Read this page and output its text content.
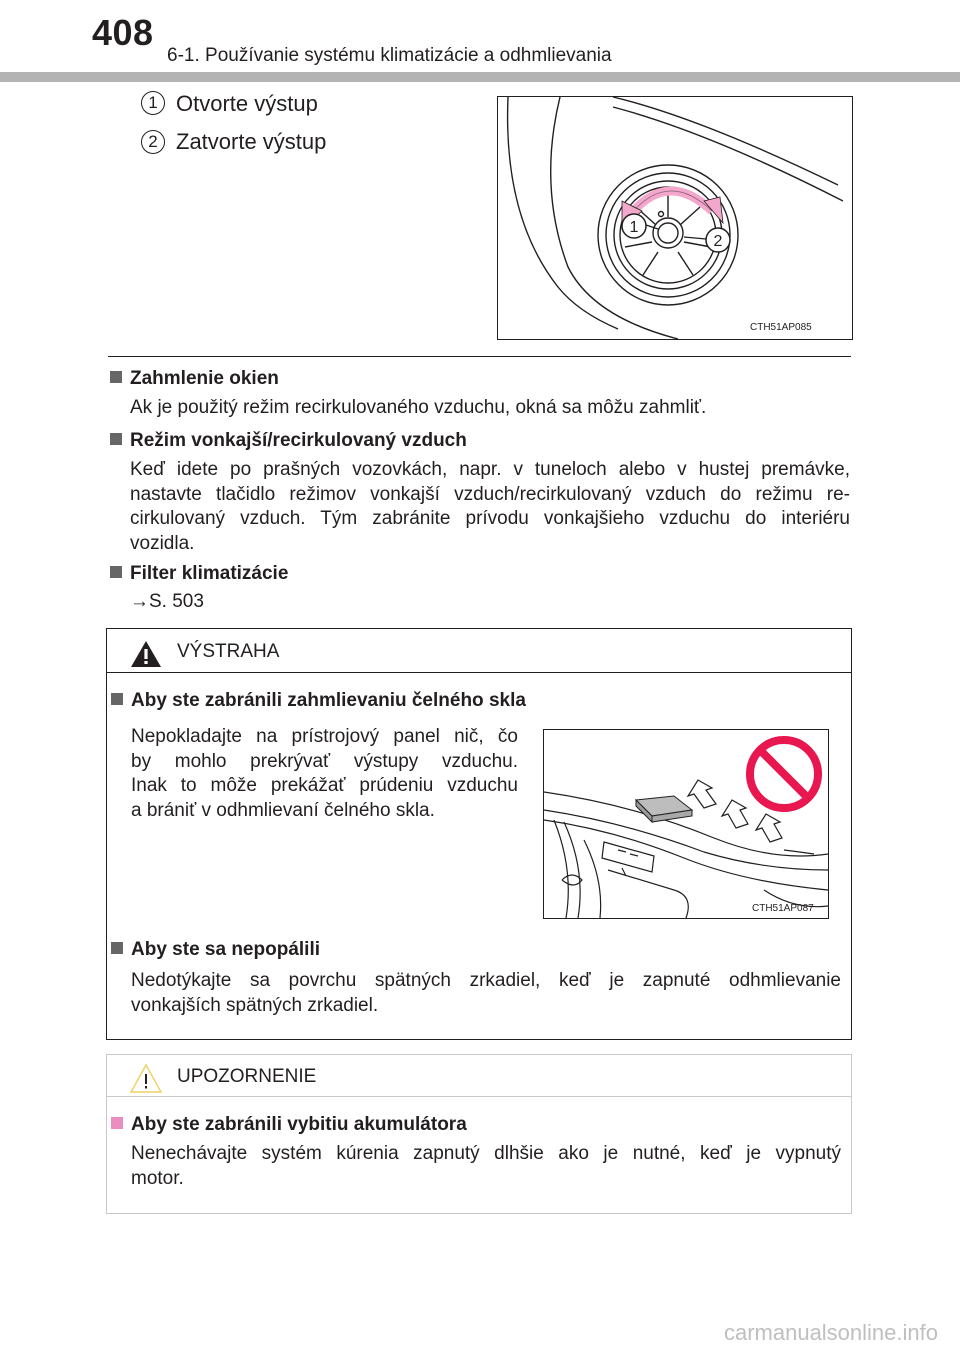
408
6-1. Používanie systému klimatizácie a odhmlievania
1 Otvorte výstup
2 Zatvorte výstup
1
2
CTH51AP085
Zahmlenie okien
Ak je použitý režim recirkulovaného vzduchu, okná sa môžu zahmliť.
Režim vonkajší/recirkulovaný vzduch
Keď idete po prašných vozovkách, napr. v tuneloch alebo v hustej premávke,
nastavte tlačidlo režimov vonkajší vzduch/recirkulovaný vzduch do režimu re-
cirkulovaný vzduch. Tým zabránite prívodu vonkajšieho vzduchu do interiéru
vozidla.
Filter klimatizácie
→S. 503
VÝSTRAHA
Aby ste zabránili zahmlievaniu čelného skla
Nepokladajte na prístrojový panel nič, čo
by mohlo prekrývať výstupy vzduchu.
Inak to môže prekážať prúdeniu vzduchu
a brániť v odhmlievaní čelného skla.
CTH51AP087
Aby ste sa nepopálili
Nedotýkajte sa povrchu spätných zrkadiel, keď je zapnuté odhmlievanie
vonkajších spätných zrkadiel.
UPOZORNENIE
Aby ste zabránili vybitiu akumulátora
Nenechávajte systém kúrenia zapnutý dlhšie ako je nutné, keď je vypnutý
motor.
carmanualsonline.info
